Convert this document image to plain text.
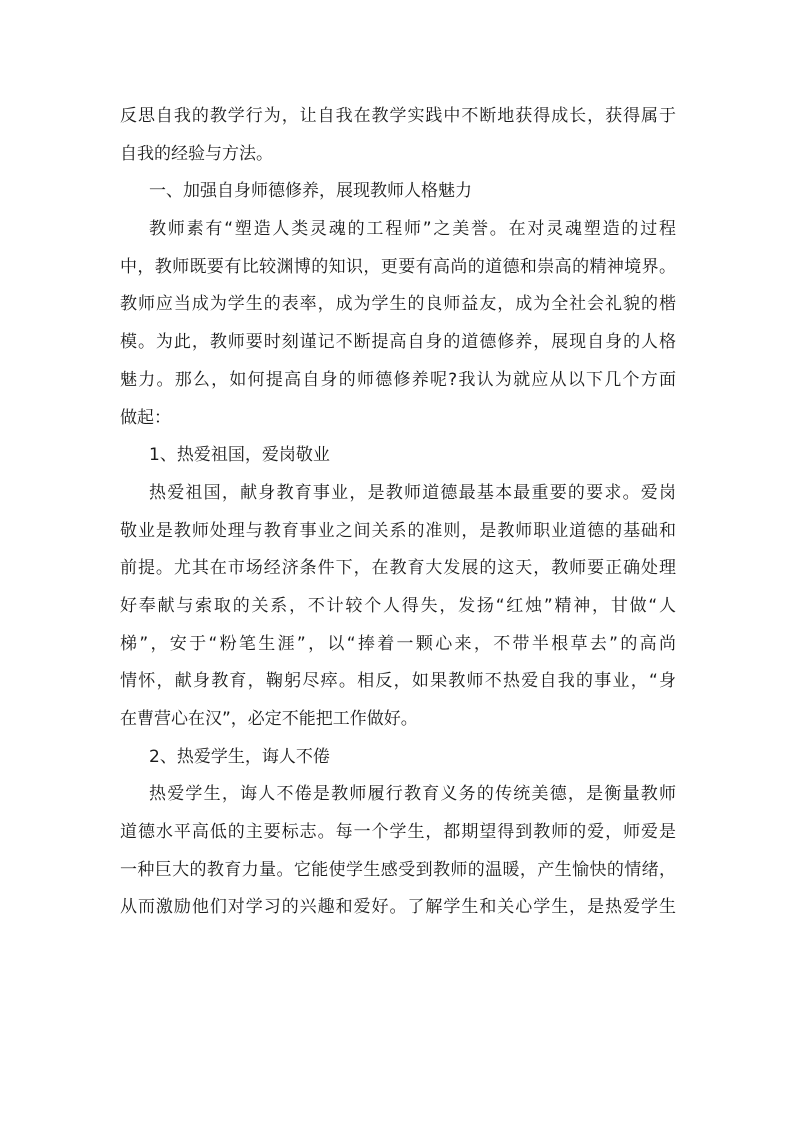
反思自我的教学行为，让自我在教学实践中不断地获得成长，获得属于
自我的经验与方法。
一、加强自身师德修养，展现教师人格魅力
教师素有“塑造人类灵魂的工程师”之美誉。在对灵魂塑造的过程
中，教师既要有比较渊博的知识，更要有高尚的道德和崇高的精神境界。
教师应当成为学生的表率，成为学生的良师益友，成为全社会礼貌的楷
模。为此，教师要时刻谨记不断提高自身的道德修养，展现自身的人格
魅力。那么，如何提高自身的师德修养呢?我认为就应从以下几个方面
做起：
1、热爱祖国，爱岗敬业
热爱祖国，献身教育事业，是教师道德最基本最重要的要求。爱岗
敬业是教师处理与教育事业之间关系的准则，是教师职业道德的基础和
前提。尤其在市场经济条件下，在教育大发展的这天，教师要正确处理
好奉献与索取的关系，不计较个人得失，发扬“红烛”精神，甘做“人
梯”，安于“粉笔生涯”，以“捧着一颗心来，不带半根草去”的高尚
情怀，献身教育，鞠躬尽瘁。相反，如果教师不热爱自我的事业，“身
在曹营心在汉”，必定不能把工作做好。
2、热爱学生，诲人不倦
热爱学生，诲人不倦是教师履行教育义务的传统美德，是衡量教师
道德水平高低的主要标志。每一个学生，都期望得到教师的爱，师爱是
一种巨大的教育力量。它能使学生感受到教师的温暖，产生愉快的情绪，
从而激励他们对学习的兴趣和爱好。了解学生和关心学生，是热爱学生
